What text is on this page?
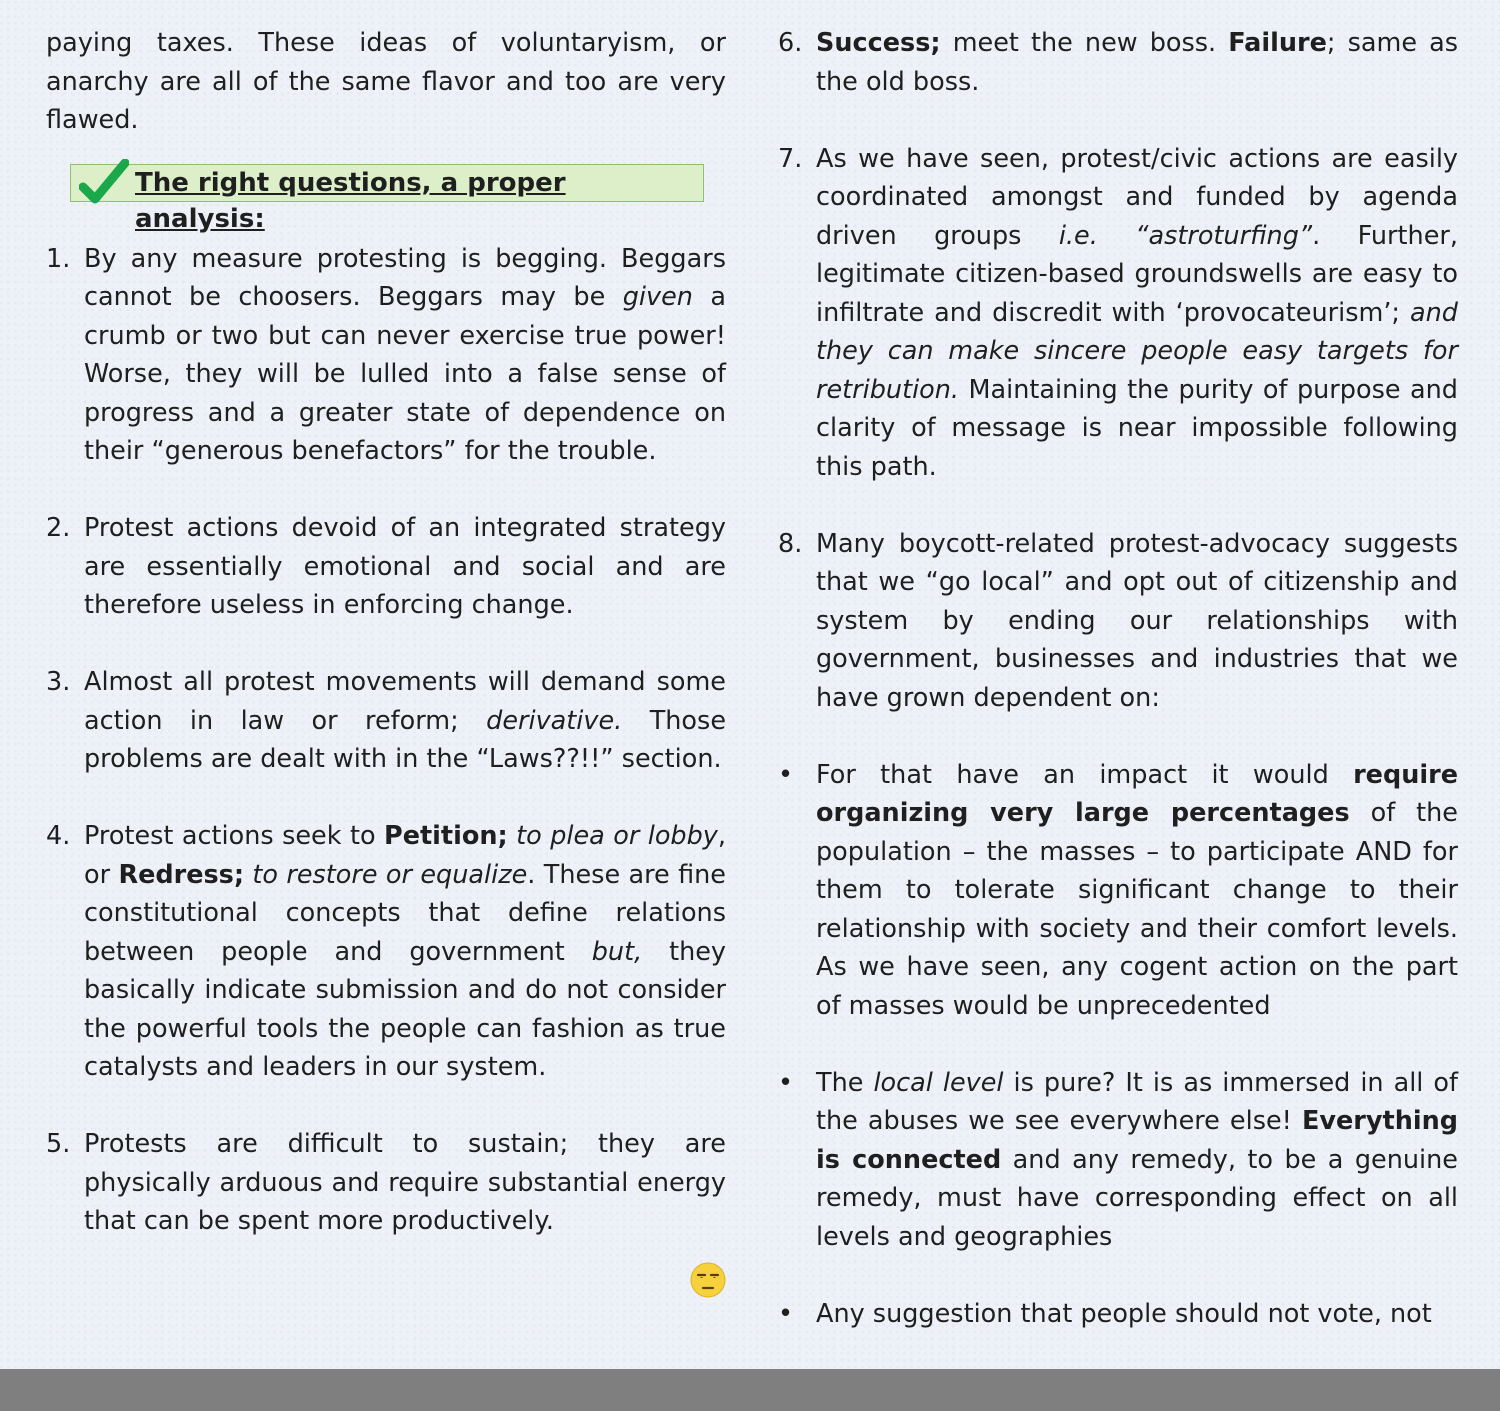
paying taxes. These ideas of voluntaryism, or anarchy are all of the same flavor and too are very flawed.

The right questions, a proper analysis:

1. By any measure protesting is begging. Beggars cannot be choosers. Beggars may be given a crumb or two but can never exercise true power! Worse, they will be lulled into a false sense of progress and a greater state of dependence on their “generous benefactors” for the trouble.

2. Protest actions devoid of an integrated strategy are essentially emotional and social and are therefore useless in enforcing change.

3. Almost all protest movements will demand some action in law or reform; derivative. Those problems are dealt with in the “Laws??!!” section.

4. Protest actions seek to Petition; to plea or lobby, or Redress; to restore or equalize. These are fine constitutional concepts that define relations between people and government but, they basically indicate submission and do not consider the powerful tools the people can fashion as true catalysts and leaders in our system.

5. Protests are difficult to sustain; they are physically arduous and require substantial energy that can be spent more productively.

6. Success; meet the new boss. Failure; same as the old boss.

7. As we have seen, protest/civic actions are easily coordinated amongst and funded by agenda driven groups i.e. “astroturfing”. Further, legitimate citizen-based groundswells are easy to infiltrate and discredit with ‘provocateurism’; and they can make sincere people easy targets for retribution. Maintaining the purity of purpose and clarity of message is near impossible following this path.

8. Many boycott-related protest-advocacy suggests that we “go local” and opt out of citizenship and system by ending our relationships with government, businesses and industries that we have grown dependent on:

• For that have an impact it would require organizing very large percentages of the population – the masses – to participate AND for them to tolerate significant change to their relationship with society and their comfort levels. As we have seen, any cogent action on the part of masses would be unprecedented

• The local level is pure? It is as immersed in all of the abuses we see everywhere else! Everything is connected and any remedy, to be a genuine remedy, must have corresponding effect on all levels and geographies

• Any suggestion that people should not vote, not
